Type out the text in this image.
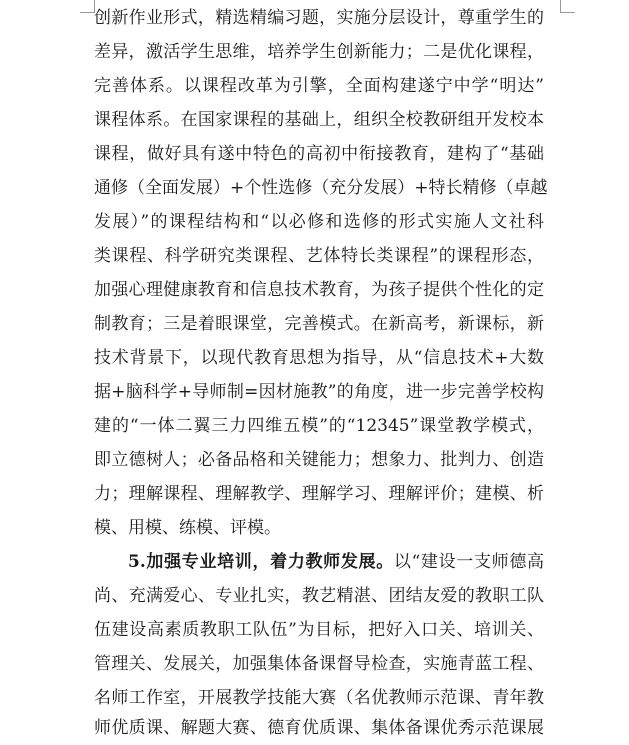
创新作业形式，精选精编习题，实施分层设计，尊重学生的
差异，激活学生思维，培养学生创新能力；二是优化课程，
完善体系。以课程改革为引擎，全面构建遂宁中学“明达”
课程体系。在国家课程的基础上，组织全校教研组开发校本
课程，做好具有遂中特色的高初中衔接教育，建构了“基础
通修（全面发展）+个性选修（充分发展）+特长精修（卓越
发展）”的课程结构和“以必修和选修的形式实施人文社科
类课程、科学研究类课程、艺体特长类课程”的课程形态，
加强心理健康教育和信息技术教育，为孩子提供个性化的定
制教育；三是着眼课堂，完善模式。在新高考，新课标，新
技术背景下，以现代教育思想为指导，从“信息技术+大数
据+脑科学+导师制=因材施教”的角度，进一步完善学校构
建的“一体二翼三力四维五模”的“12345”课堂教学模式，
即立德树人；必备品格和关键能力；想象力、批判力、创造
力；理解课程、理解教学、理解学习、理解评价；建模、析
模、用模、练模、评模。
5.加强专业培训，着力教师发展。以“建设一支师德高
尚、充满爱心、专业扎实，教艺精湛、团结友爱的教职工队
伍建设高素质教职工队伍”为目标，把好入口关、培训关、
管理关、发展关，加强集体备课督导检查，实施青蓝工程、
名师工作室，开展教学技能大赛（名优教师示范课、青年教
师优质课、解题大赛、德育优质课、集体备课优秀示范课展
